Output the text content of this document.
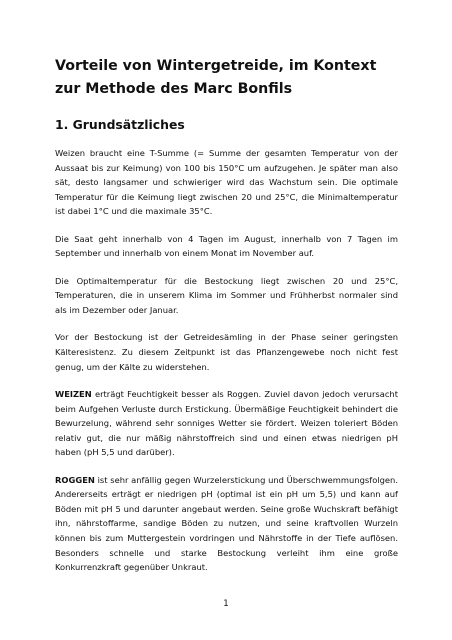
Vorteile von Wintergetreide, im Kontext zur Methode des Marc Bonfils
1. Grundsätzliches

Weizen braucht eine T-Summe (= Summe der gesamten Temperatur von der Aussaat bis zur Keimung) von 100 bis 150°C um aufzugehen. Je später man also sät, desto langsamer und schwieriger wird das Wachstum sein. Die optimale Temperatur für die Keimung liegt zwischen 20 und 25°C, die Minimaltemperatur ist dabei 1°C und die maximale 35°C.

Die Saat geht innerhalb von 4 Tagen im August, innerhalb von 7 Tagen im September und innerhalb von einem Monat im November auf.

Die Optimaltemperatur für die Bestockung liegt zwischen 20 und 25°C, Temperaturen, die in unserem Klima im Sommer und Frühherbst normaler sind als im Dezember oder Januar.

Vor der Bestockung ist der Getreidesämling in der Phase seiner geringsten Kälteresistenz. Zu diesem Zeitpunkt ist das Pflanzengewebe noch nicht fest genug, um der Kälte zu widerstehen.

WEIZEN erträgt Feuchtigkeit besser als Roggen. Zuviel davon jedoch verursacht beim Aufgehen Verluste durch Erstickung. Übermäßige Feuchtigkeit behindert die Bewurzelung, während sehr sonniges Wetter sie fördert. Weizen toleriert Böden relativ gut, die nur mäßig nährstoffreich sind und einen etwas niedrigen pH haben (pH 5,5 und darüber).

ROGGEN ist sehr anfällig gegen Wurzelerstickung und Überschwemmungsfolgen. Andererseits erträgt er niedrigen pH (optimal ist ein pH um 5,5) und kann auf Böden mit pH 5 und darunter angebaut werden. Seine große Wuchskraft befähigt ihn, nährstoffarme, sandige Böden zu nutzen, und seine kraftvollen Wurzeln können bis zum Muttergestein vordringen und Nährstoffe in der Tiefe auflösen. Besonders schnelle und starke Bestockung verleiht ihm eine große Konkurrenzkraft gegenüber Unkraut.

1
